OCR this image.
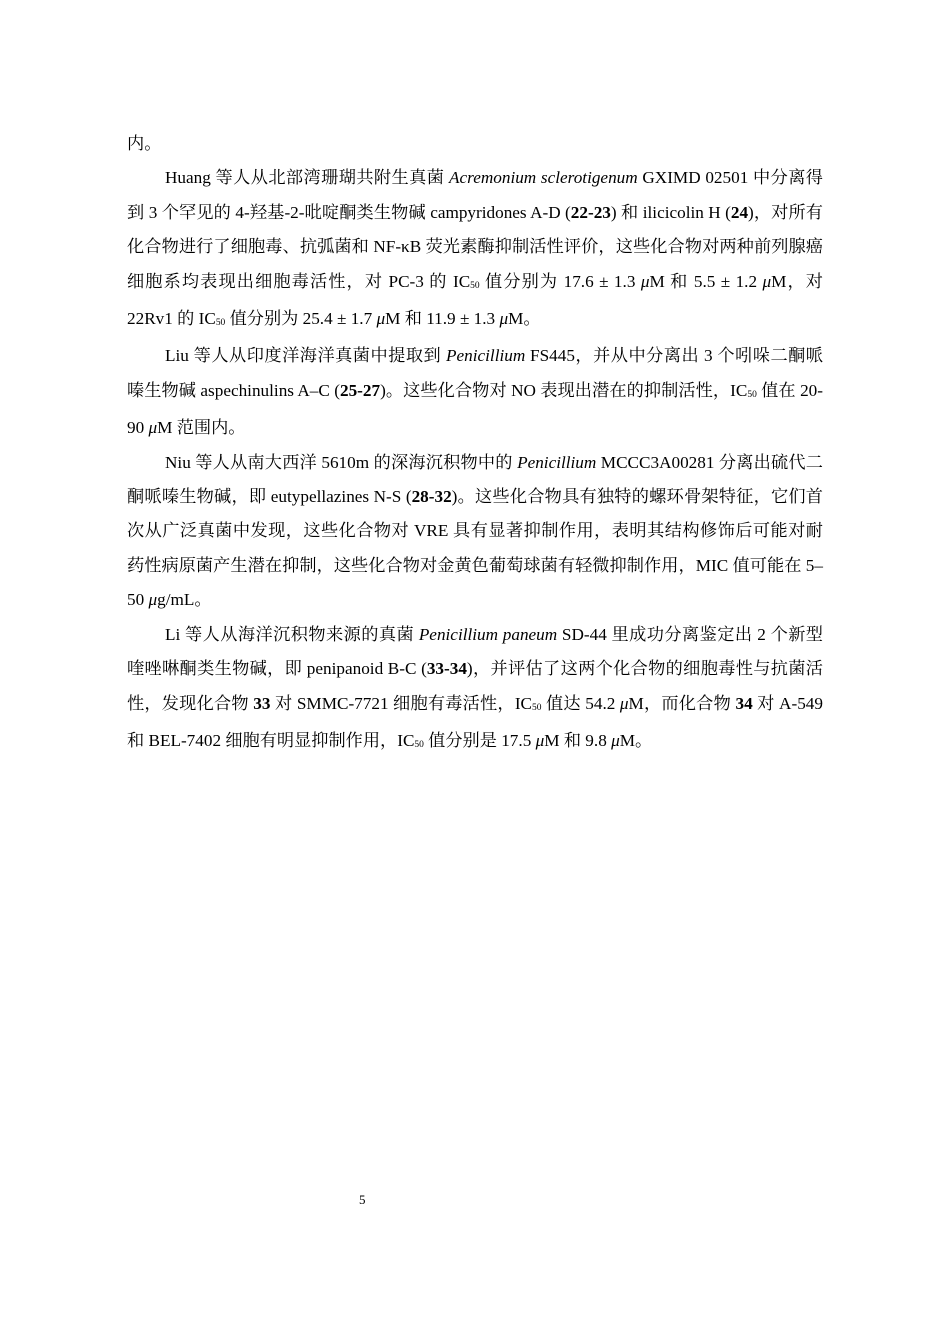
内。

Huang 等人从北部湾珊瑚共附生真菌 Acremonium sclerotigenum GXIMD 02501 中分离得到 3 个罕见的 4-羟基-2-吡啶酮类生物碱 campyridones A-D (22-23) 和 ilicicolin H (24)，对所有化合物进行了细胞毒、抗弧菌和 NF-κB 荧光素酶抑制活性评价，这些化合物对两种前列腺癌细胞系均表现出细胞毒活性，对 PC-3 的 $IC_{50}$ 值分别为 17.6 ± 1.3 μM 和 5.5 ± 1.2 μM，对 22Rv1 的 $IC_{50}$ 值分别为 25.4 ± 1.7 μM 和 11.9 ± 1.3 μM。

Liu 等人从印度洋海洋真菌中提取到 Penicillium FS445，并从中分离出 3 个吲哚二酮哌嗪生物碱 aspechinulins A–C (25-27)。这些化合物对 NO 表现出潜在的抑制活性，$IC_{50}$ 值在 20-90 μM 范围内。

Niu 等人从南大西洋 5610m 的深海沉积物中的 Penicillium MCCC3A00281 分离出硫代二酮哌嗪生物碱，即 eutypellazines N-S (28-32)。这些化合物具有独特的螺环骨架特征，它们首次从广泛真菌中发现，这些化合物对 VRE 具有显著抑制作用，表明其结构修饰后可能对耐药性病原菌产生潜在抑制，这些化合物对金黄色葡萄球菌有轻微抑制作用，MIC 值可能在 5–50 μg/mL。

Li 等人从海洋沉积物来源的真菌 Penicillium paneum SD-44 里成功分离鉴定出 2 个新型喹唑啉酮类生物碱，即 penipanoid B-C (33-34)，并评估了这两个化合物的细胞毒性与抗菌活性，发现化合物 33 对 SMMC-7721 细胞有毒活性，$IC_{50}$ 值达 54.2 μM，而化合物 34 对 A-549 和 BEL-7402 细胞有明显抑制作用，$IC_{50}$ 值分别是 17.5 μM 和 9.8 μM。

5
